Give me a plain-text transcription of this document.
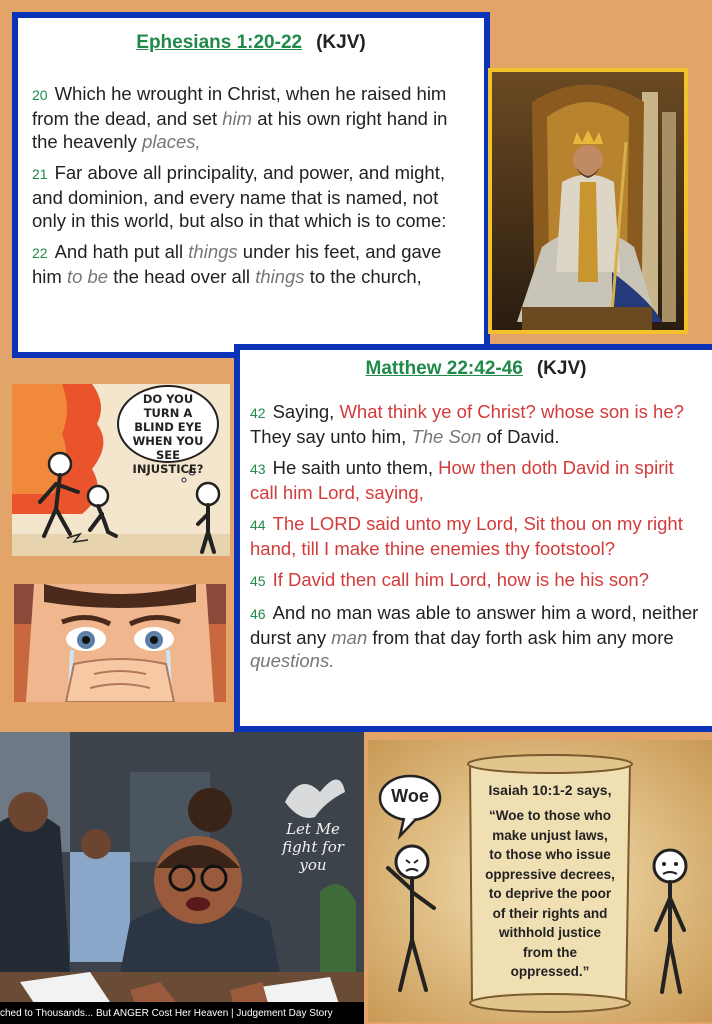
Ephesians 1:20-22 (KJV)

20 Which he wrought in Christ, when he raised him from the dead, and set him at his own right hand in the heavenly places,

21 Far above all principality, and power, and might, and dominion, and every name that is named, not only in this world, but also in that which is to come:

22 And hath put all things under his feet, and gave him to be the head over all things to the church,

Matthew 22:42-46 (KJV)

42 Saying, What think ye of Christ? whose son is he? They say unto him, The Son of David.

43 He saith unto them, How then doth David in spirit call him Lord, saying,

44 The LORD said unto my Lord, Sit thou on my right hand, till I make thine enemies thy footstool?

45 If David then call him Lord, how is he his son?

46 And no man was able to answer him a word, neither durst any man from that day forth ask him any more questions.

DO YOU TURN A BLIND EYE WHEN YOU SEE INJUSTICE?
Let Me fight for you
ched to Thousands... But ANGER Cost Her Heaven | Judgement Day Story
Woe	Isaiah 10:1-2 says,
“Woe to those who make unjust laws, to those who issue oppressive decrees, to deprive the poor of their rights and withhold justice from the oppressed.”
